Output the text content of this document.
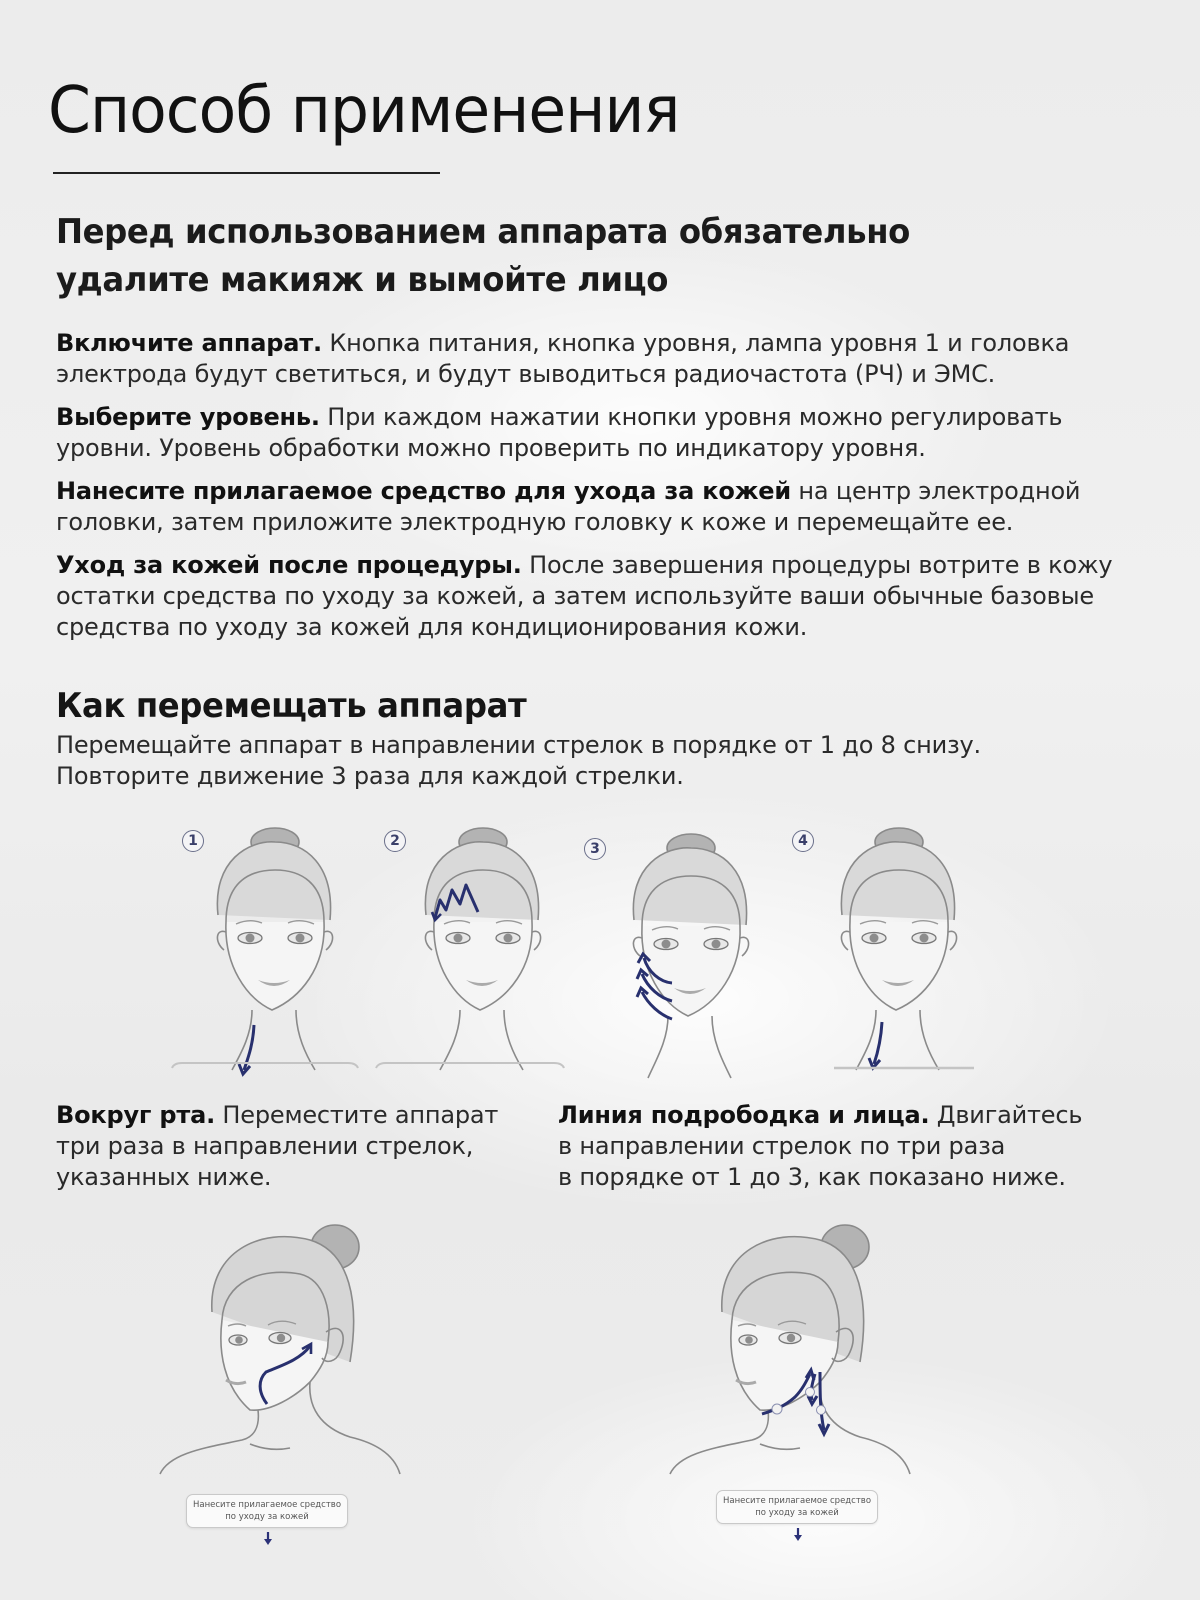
Способ применения
Перед использованием аппарата обязательно
удалите макияж и вымойте лицо

Включите аппарат. Кнопка питания, кнопка уровня, лампа уровня 1 и головка электрода будут светиться, и будут выводиться радиочастота (РЧ) и ЭМС.

Выберите уровень. При каждом нажатии кнопки уровня можно регулировать уровни. Уровень обработки можно проверить по индикатору уровня.

Нанесите прилагаемое средство для ухода за кожей на центр электродной головки, затем приложите электродную головку к коже и перемещайте ее.

Уход за кожей после процедуры. После завершения процедуры вотрите в кожу остатки средства по уходу за кожей, а затем используйте ваши обычные базовые средства по уходу за кожей для кондиционирования кожи.

Как перемещать аппарат
Перемещайте аппарат в направлении стрелок в порядке от 1 до 8 снизу.
Повторите движение 3 раза для каждой стрелки.
1	2	3	4
Вокруг рта. Переместите аппарат
три раза в направлении стрелок,
указанных ниже.
Линия подрободка и лица. Двигайтесь
в направлении стрелок по три раза
в порядке от 1 до 3, как показано ниже.
Нанесите прилагаемое средство
по уходу за кожей
Нанесите прилагаемое средство
по уходу за кожей
